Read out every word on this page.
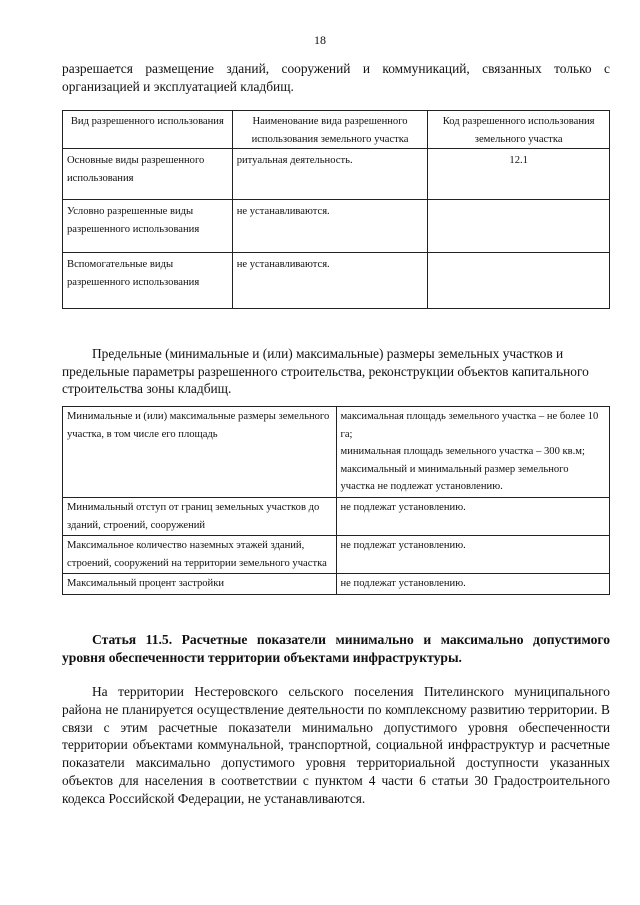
18
разрешается размещение зданий, сооружений и коммуникаций, связанных только с организацией и эксплуатацией кладбищ.
Вид разрешенного использования	Наименование вида разрешенного использования земельного участка	Код разрешенного использования земельного участка
Основные виды разрешенного использования	ритуальная деятельность.	12.1
Условно разрешенные виды разрешенного использования	не устанавливаются.	
Вспомогательные виды разрешенного использования	не устанавливаются.	
Предельные (минимальные и (или) максимальные) размеры земельных участков и предельные параметры разрешенного строительства, реконструкции объектов капитального строительства зоны кладбищ.
Минимальные и (или) максимальные размеры земельного участка, в том числе его площадь	максимальная площадь земельного участка – не более 10 га;
минимальная площадь земельного участка – 300 кв.м;
максимальный и минимальный размер земельного участка не подлежат установлению.

Минимальный отступ от границ земельных участков до зданий, строений, сооружений	не подлежат установлению.
Максимальное количество наземных этажей зданий, строений, сооружений на территории земельного участка	не подлежат установлению.
Максимальный процент застройки	не подлежат установлению.
Статья 11.5. Расчетные показатели минимально и максимально допустимого уровня обеспеченности территории объектами инфраструктуры.
На территории Нестеровского сельского поселения Пителинского муниципального района не планируется осуществление деятельности по комплексному развитию территории. В связи с этим расчетные показатели минимально допустимого уровня обеспеченности территории объектами коммунальной, транспортной, социальной инфраструктур и расчетные показатели максимально допустимого уровня территориальной доступности указанных объектов для населения в соответствии с пунктом 4 части 6 статьи 30 Градостроительного кодекса Российской Федерации, не устанавливаются.
